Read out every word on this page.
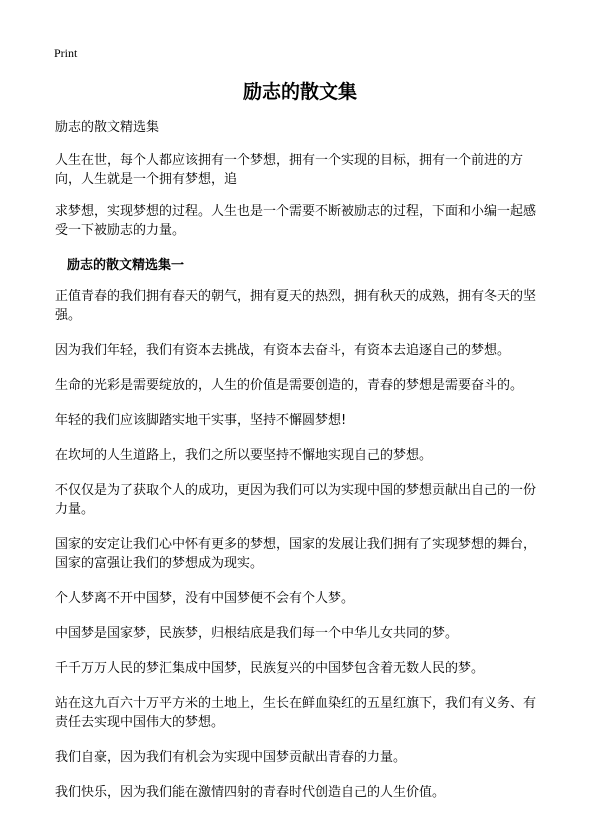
Print
励志的散文集

励志的散文精选集

人生在世，每个人都应该拥有一个梦想，拥有一个实现的目标，拥有一个前进的方向，人生就是一个拥有梦想，追

求梦想，实现梦想的过程。人生也是一个需要不断被励志的过程，下面和小编一起感受一下被励志的力量。

励志的散文精选集一

正值青春的我们拥有春天的朝气，拥有夏天的热烈，拥有秋天的成熟，拥有冬天的坚强。

因为我们年轻，我们有资本去挑战，有资本去奋斗，有资本去追逐自己的梦想。

生命的光彩是需要绽放的，人生的价值是需要创造的，青春的梦想是需要奋斗的。

年轻的我们应该脚踏实地干实事，坚持不懈圆梦想!

在坎坷的人生道路上，我们之所以要坚持不懈地实现自己的梦想。

不仅仅是为了获取个人的成功，更因为我们可以为实现中国的梦想贡献出自己的一份力量。

国家的安定让我们心中怀有更多的梦想，国家的发展让我们拥有了实现梦想的舞台，国家的富强让我们的梦想成为现实。

个人梦离不开中国梦，没有中国梦便不会有个人梦。

中国梦是国家梦，民族梦，归根结底是我们每一个中华儿女共同的梦。

千千万万人民的梦汇集成中国梦，民族复兴的中国梦包含着无数人民的梦。

站在这九百六十万平方米的土地上，生长在鲜血染红的五星红旗下，我们有义务、有责任去实现中国伟大的梦想。

我们自豪，因为我们有机会为实现中国梦贡献出青春的力量。

我们快乐，因为我们能在激情四射的青春时代创造自己的人生价值。
